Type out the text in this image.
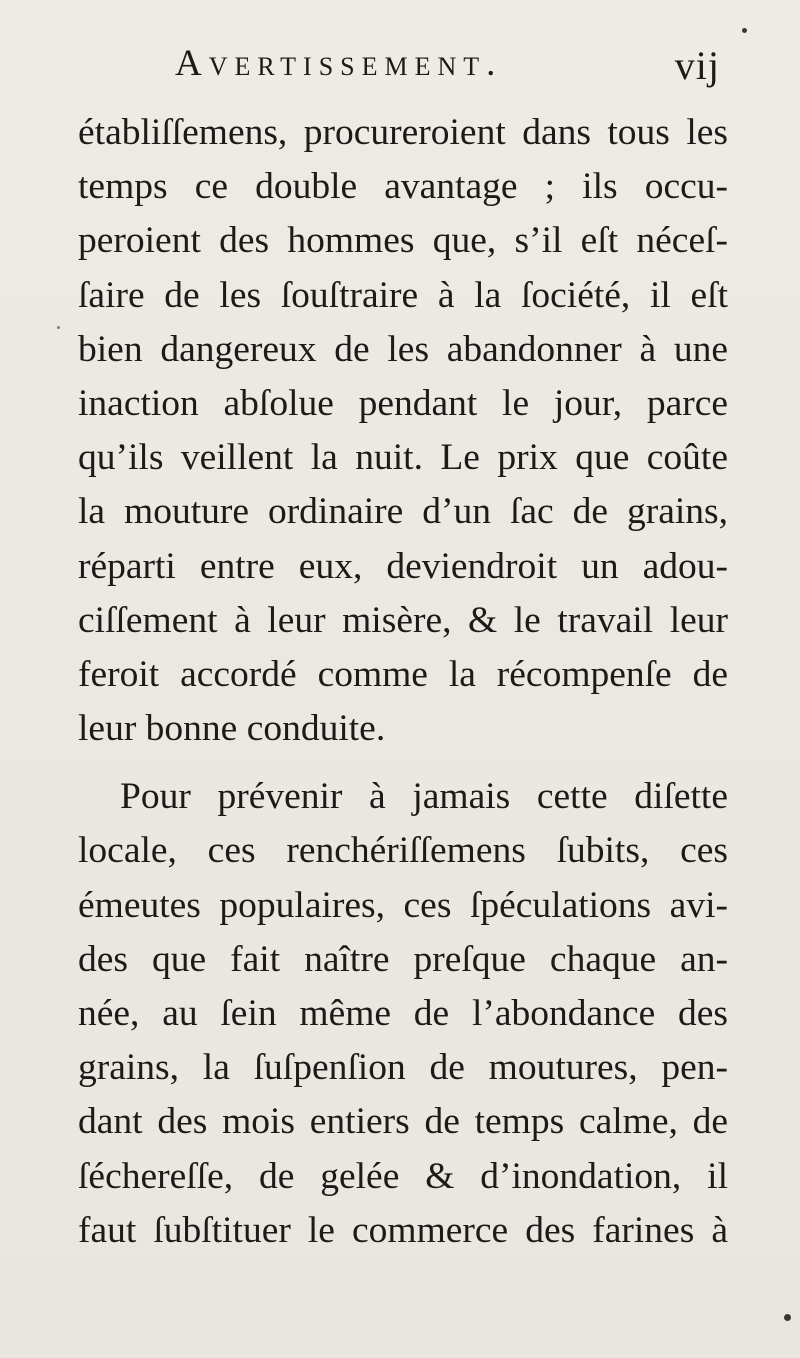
Avertissement.	vij
établiſſemens, procureroient dans tous les
temps ce double avantage ; ils occu-
peroient des hommes que, s’il eſt néceſ-
ſaire de les ſouſtraire à la ſociété, il eſt
bien dangereux de les abandonner à une
inaction abſolue pendant le jour, parce
qu’ils veillent la nuit. Le prix que coûte
la mouture ordinaire d’un ſac de grains,
réparti entre eux, deviendroit un adou-
ciſſement à leur misère, & le travail leur
feroit accordé comme la récompenſe de
leur bonne conduite.
Pour prévenir à jamais cette diſette
locale, ces renchériſſemens ſubits, ces
émeutes populaires, ces ſpéculations avi-
des que fait naître preſque chaque an-
née, au ſein même de l’abondance des
grains, la ſuſpenſion de moutures, pen-
dant des mois entiers de temps calme, de
ſéchereſſe, de gelée & d’inondation, il
faut ſubſtituer le commerce des farines à
